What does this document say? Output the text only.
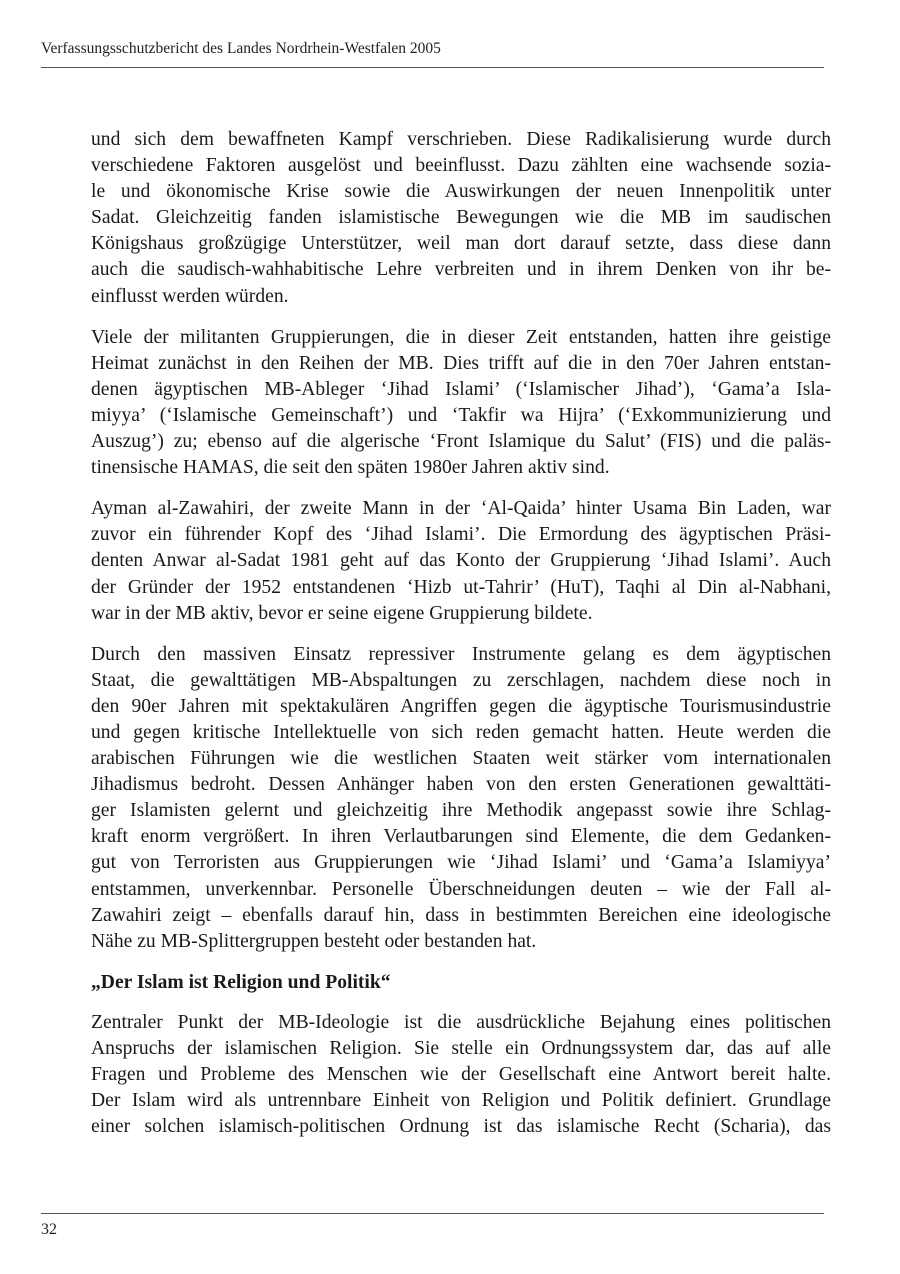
Verfassungsschutzbericht des Landes Nordrhein-Westfalen 2005

und sich dem bewaffneten Kampf verschrieben. Diese Radikalisierung wurde durch
verschiedene Faktoren ausgelöst und beeinflusst. Dazu zählten eine wachsende sozia-
le und ökonomische Krise sowie die Auswirkungen der neuen Innenpolitik unter
Sadat. Gleichzeitig fanden islamistische Bewegungen wie die MB im saudischen
Königshaus großzügige Unterstützer, weil man dort darauf setzte, dass diese dann
auch die saudisch-wahhabitische Lehre verbreiten und in ihrem Denken von ihr be-
einflusst werden würden.

Viele der militanten Gruppierungen, die in dieser Zeit entstanden, hatten ihre geistige
Heimat zunächst in den Reihen der MB. Dies trifft auf die in den 70er Jahren entstan-
denen ägyptischen MB-Ableger ‘Jihad Islami’ (‘Islamischer Jihad’), ‘Gama’a Isla-
miyya’ (‘Islamische Gemeinschaft’) und ‘Takfir wa Hijra’ (‘Exkommunizierung und
Auszug’) zu; ebenso auf die algerische ‘Front Islamique du Salut’ (FIS) und die paläs-
tinensische HAMAS, die seit den späten 1980er Jahren aktiv sind.

Ayman al-Zawahiri, der zweite Mann in der ‘Al-Qaida’ hinter Usama Bin Laden, war
zuvor ein führender Kopf des ‘Jihad Islami’. Die Ermordung des ägyptischen Präsi-
denten Anwar al-Sadat 1981 geht auf das Konto der Gruppierung ‘Jihad Islami’. Auch
der Gründer der 1952 entstandenen ‘Hizb ut-Tahrir’ (HuT), Taqhi al Din al-Nabhani,
war in der MB aktiv, bevor er seine eigene Gruppierung bildete.

Durch den massiven Einsatz repressiver Instrumente gelang es dem ägyptischen
Staat, die gewalttätigen MB-Abspaltungen zu zerschlagen, nachdem diese noch in
den 90er Jahren mit spektakulären Angriffen gegen die ägyptische Tourismusindustrie
und gegen kritische Intellektuelle von sich reden gemacht hatten. Heute werden die
arabischen Führungen wie die westlichen Staaten weit stärker vom internationalen
Jihadismus bedroht. Dessen Anhänger haben von den ersten Generationen gewalttäti-
ger Islamisten gelernt und gleichzeitig ihre Methodik angepasst sowie ihre Schlag-
kraft enorm vergrößert. In ihren Verlautbarungen sind Elemente, die dem Gedanken-
gut von Terroristen aus Gruppierungen wie ‘Jihad Islami’ und ‘Gama’a Islamiyya’
entstammen, unverkennbar. Personelle Überschneidungen deuten – wie der Fall al-
Zawahiri zeigt – ebenfalls darauf hin, dass in bestimmten Bereichen eine ideologische
Nähe zu MB-Splittergruppen besteht oder bestanden hat.

„Der Islam ist Religion und Politik“

Zentraler Punkt der MB-Ideologie ist die ausdrückliche Bejahung eines politischen
Anspruchs der islamischen Religion. Sie stelle ein Ordnungssystem dar, das auf alle
Fragen und Probleme des Menschen wie der Gesellschaft eine Antwort bereit halte.
Der Islam wird als untrennbare Einheit von Religion und Politik definiert. Grundlage
einer solchen islamisch-politischen Ordnung ist das islamische Recht (Scharia), das

32
